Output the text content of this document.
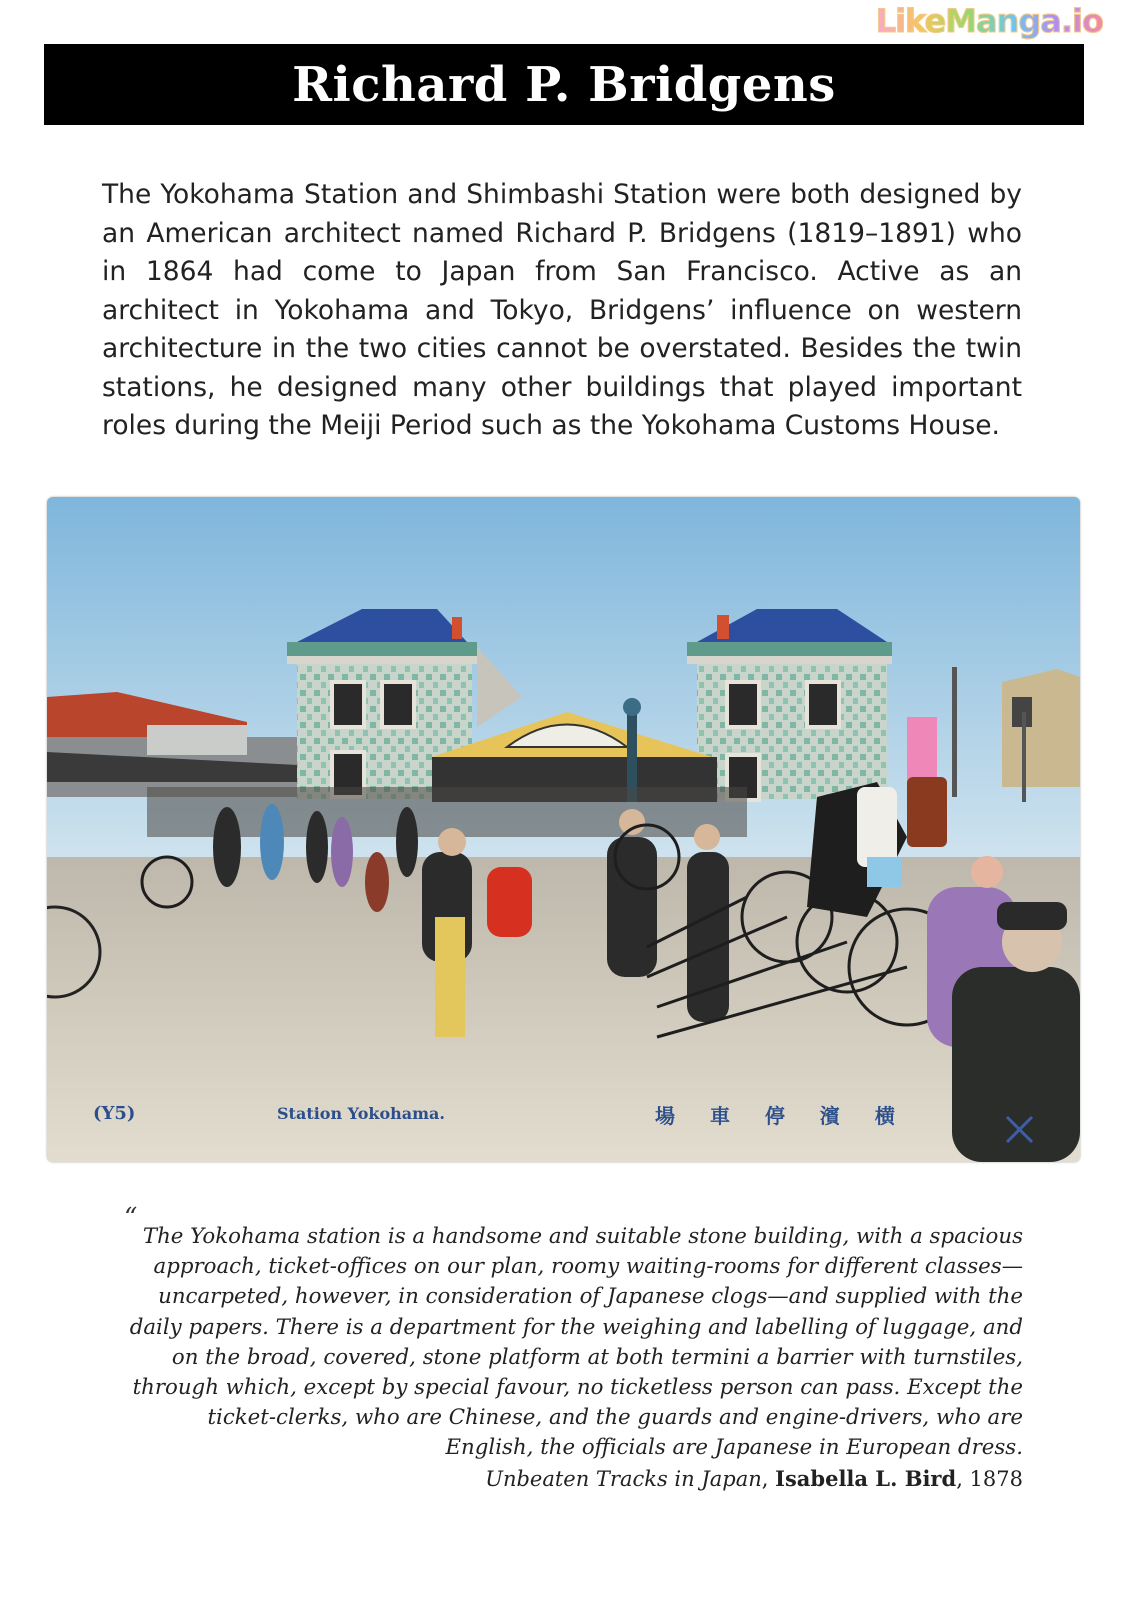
LikeManga.io
Richard P. Bridgens

The Yokohama Station and Shimbashi Station were both designed by an American architect named Richard P. Bridgens (1819–1891) who in 1864 had come to Japan from San Francisco. Active as an architect in Yokohama and Tokyo, Bridgens’ influence on western architecture in the two cities cannot be overstated. Besides the twin stations, he designed many other buildings that played important roles during the Meiji Period such as the Yokohama Customs House.

(Y5)	Station Yokohama.	場 車 停 濱 横
“

The Yokohama station is a handsome and suitable stone building, with a spacious approach, ticket-offices on our plan, roomy waiting-rooms for different classes—uncarpeted, however, in consideration of Japanese clogs—and supplied with the daily papers. There is a department for the weighing and labelling of luggage, and on the broad, covered, stone platform at both termini a barrier with turnstiles, through which, except by special favour, no ticketless person can pass. Except the ticket-clerks, who are Chinese, and the guards and engine-drivers, who are English, the officials are Japanese in European dress.

Unbeaten Tracks in Japan, Isabella L. Bird, 1878
